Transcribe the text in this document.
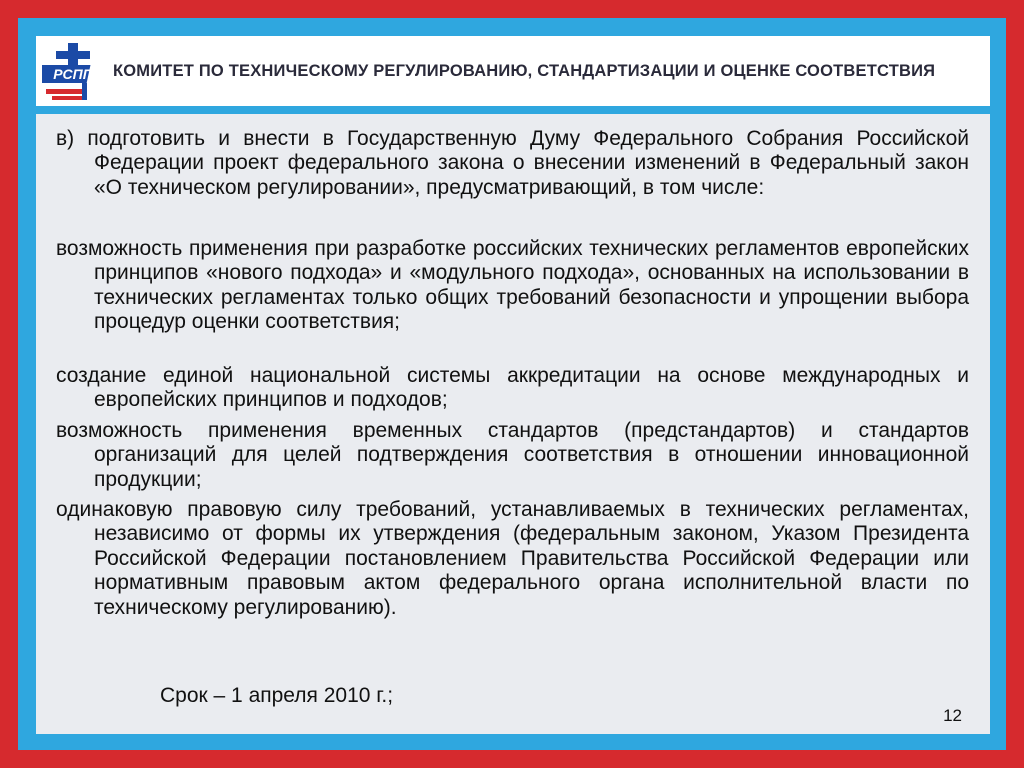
РСПП КОМИТЕТ ПО ТЕХНИЧЕСКОМУ РЕГУЛИРОВАНИЮ, СТАНДАРТИЗАЦИИ И ОЦЕНКЕ СООТВЕТСТВИЯ

в) подготовить и внести в Государственную Думу Федерального Собрания Российской Федерации проект федерального закона о внесении изменений в Федеральный закон «О техническом регулировании», предусматривающий, в том числе:

возможность применения при разработке российских технических регламентов европейских принципов «нового подхода» и «модульного подхода», основанных на использовании в технических регламентах только общих требований безопасности и упрощении выбора процедур оценки соответствия;

создание единой национальной системы аккредитации на основе международных и европейских принципов и подходов;

возможность применения временных стандартов (предстандартов) и стандартов организаций для целей подтверждения соответствия в отношении инновационной продукции;

одинаковую правовую силу требований, устанавливаемых в технических регламентах, независимо от формы их утверждения (федеральным законом, Указом Президента Российской Федерации постановлением Правительства Российской Федерации или нормативным правовым актом федерального органа исполнительной власти по техническому регулированию).

Срок – 1 апреля 2010 г.;

12
